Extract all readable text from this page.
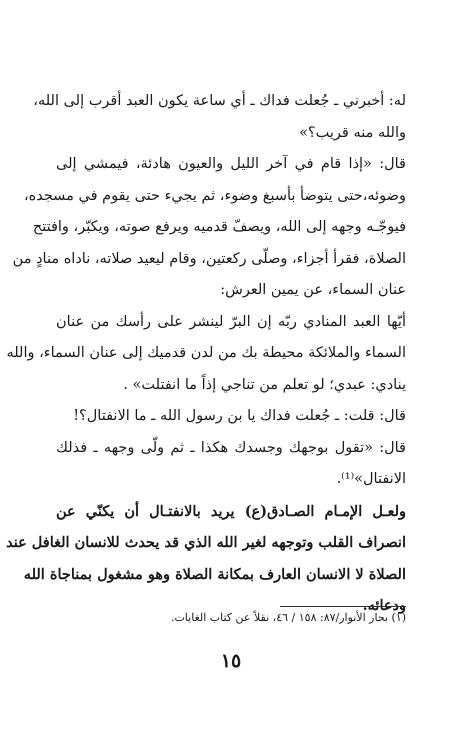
له: أخبرني ـ جُعلت فداك ـ أي ساعة يكون العبد أقرب إلى الله،
والله منه قريب؟»
قال: «إذا قام في آخر الليل والعيون هادئة، فيمشي إلى
وضوئه،حتى يتوضأ بأسبغ وضوء، ثم يجيء حتى يقوم في مسجده،
فيوجّـه وجهه إلى الله، ويصفّ قدميه ويرفع صوته، ويكبّر، وافتتح
الصلاة، فقرأ أجزاء، وصلّى ركعتين، وقام ليعيد صلاته، ناداه منادٍ من
عنان السماء، عن يمين العرش:
أيّها العبد المنادي ربّه إن البرّ لينشر على رأسك من عنان
السماء والملائكة محيطة بك من لدن قدميك إلى عنان السماء، والله
ينادي: عبدي؛ لو تعلم من تناجي إذاً ما انفتلت» .
قال: قلت: ـ جُعلت فداك يا بن رسول الله ـ ما الانفتال؟!
قال: «تقول بوجهك وجسدك هكذا ـ ثم ولّى وجهه ـ فذلك
الانفتال»⁽¹⁾.
ولعـل الإمـام الصـادق(ع) يريد بالانفتـال أن يكنّي عن
انصراف القلب وتوجهه لغير الله الذي قد يحدث للانسان الغافل عند
الصلاة لا الانسان العارف بمكانة الصلاة وهو مشغول بمناجاة الله
ودعائه.
(١) بحار الأنوار/٨٧: ١٥٨ / ٤٦، نقلاً عن كتاب الغايات.
١٥
